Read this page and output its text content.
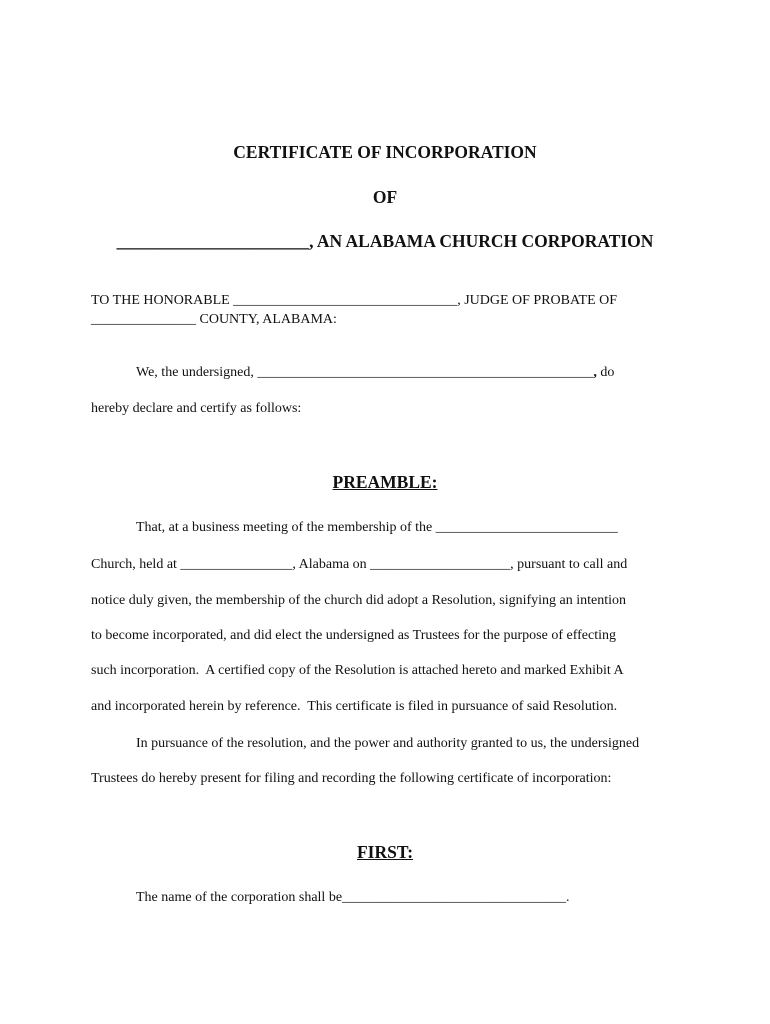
CERTIFICATE OF INCORPORATION
OF
______________________, AN ALABAMA CHURCH CORPORATION
TO THE HONORABLE ________________________________, JUDGE OF PROBATE OF
_______________ COUNTY, ALABAMA:
We, the undersigned, ________________________________________________, do
hereby declare and certify as follows:
PREAMBLE:
That, at a business meeting of the membership of the __________________________
Church, held at ________________, Alabama on ____________________, pursuant to call and
notice duly given, the membership of the church did adopt a Resolution, signifying an intention
to become incorporated, and did elect the undersigned as Trustees for the purpose of effecting
such incorporation.  A certified copy of the Resolution is attached hereto and marked Exhibit A
and incorporated herein by reference.  This certificate is filed in pursuance of said Resolution.
In pursuance of the resolution, and the power and authority granted to us, the undersigned
Trustees do hereby present for filing and recording the following certificate of incorporation:
FIRST:
The name of the corporation shall be________________________________.
